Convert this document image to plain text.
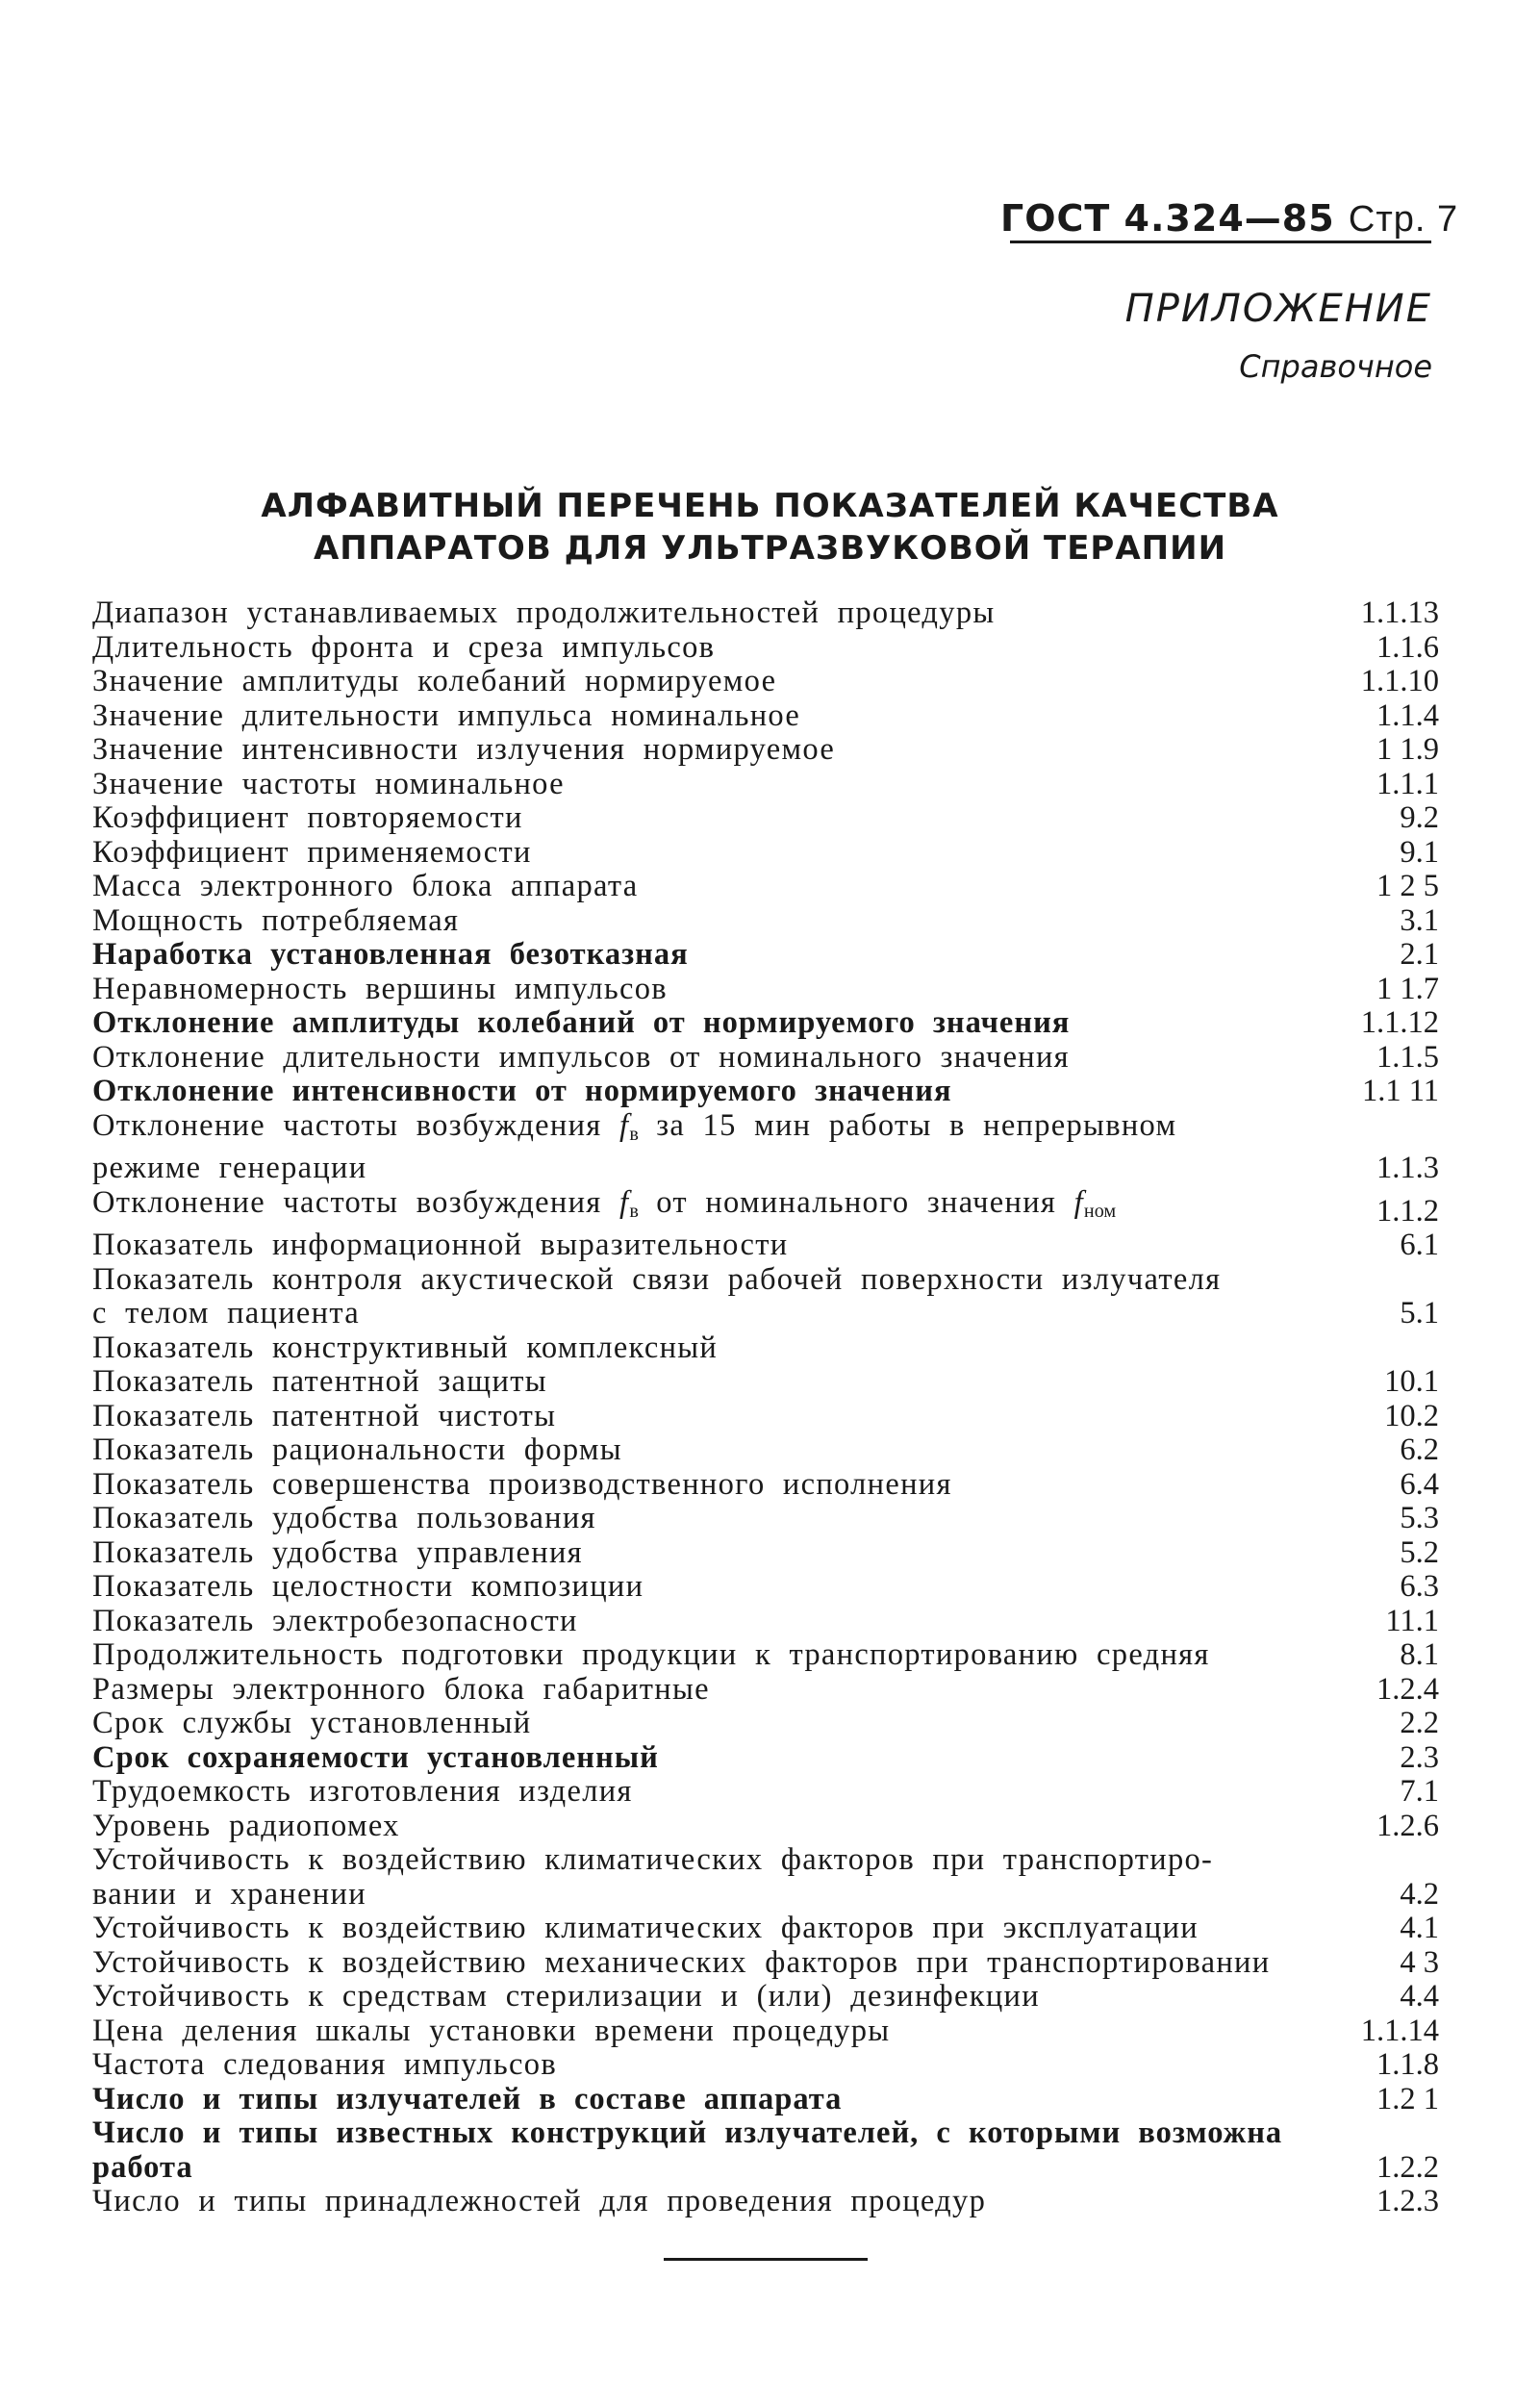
ГОСТ 4.324—85 Стр. 7
ПРИЛОЖЕНИЕ
Справочное
АЛФАВИТНЫЙ ПЕРЕЧЕНЬ ПОКАЗАТЕЛЕЙ КАЧЕСТВА
АППАРАТОВ ДЛЯ УЛЬТРАЗВУКОВОЙ ТЕРАПИИ
Диапазон устанавливаемых продолжительностей процедуры	1.1.13
Длительность фронта и среза импульсов	1.1.6
Значение амплитуды колебаний нормируемое	1.1.10
Значение длительности импульса номинальное	1.1.4
Значение интенсивности излучения нормируемое	1 1.9
Значение частоты номинальное	1.1.1
Коэффициент повторяемости	9.2
Коэффициент применяемости	9.1
Масса электронного блока аппарата	1 2 5
Мощность потребляемая	3.1
Наработка установленная безотказная	2.1
Неравномерность вершины импульсов	1 1.7
Отклонение амплитуды колебаний от нормируемого значения	1.1.12
Отклонение длительности импульсов от номинального значения	1.1.5
Отклонение интенсивности от нормируемого значения	1.1 11
Отклонение частоты возбуждения $f_в$ за 15 мин работы в непрерывном
режиме генерации	1.1.3
Отклонение частоты возбуждения $f_в$ от номинального значения $f_{ном}$	1.1.2
Показатель информационной выразительности	6.1
Показатель контроля акустической связи рабочей поверхности излучателя
с телом пациента	5.1
Показатель конструктивный комплексный
Показатель патентной защиты	10.1
Показатель патентной чистоты	10.2
Показатель рациональности формы	6.2
Показатель совершенства производственного исполнения	6.4
Показатель удобства пользования	5.3
Показатель удобства управления	5.2
Показатель целостности композиции	6.3
Показатель электробезопасности	11.1
Продолжительность подготовки продукции к транспортированию средняя	8.1
Размеры электронного блока габаритные	1.2.4
Срок службы установленный	2.2
Срок сохраняемости установленный	2.3
Трудоемкость изготовления изделия	7.1
Уровень радиопомех	1.2.6
Устойчивость к воздействию климатических факторов при транспортиро-
вании и хранении	4.2
Устойчивость к воздействию климатических факторов при эксплуатации	4.1
Устойчивость к воздействию механических факторов при транспортировании	4 3
Устойчивость к средствам стерилизации и (или) дезинфекции	4.4
Цена деления шкалы установки времени процедуры	1.1.14
Частота следования импульсов	1.1.8
Число и типы излучателей в составе аппарата	1.2 1
Число и типы известных конструкций излучателей, с которыми возможна
работа	1.2.2
Число и типы принадлежностей для проведения процедур	1.2.3
